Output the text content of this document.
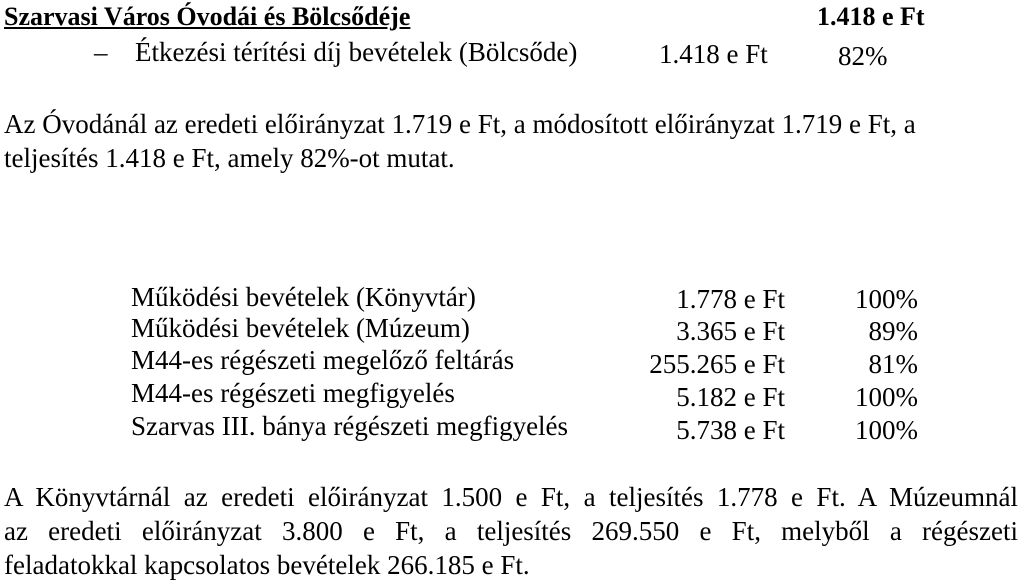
Szarvasi Város Óvodái és Bölcsődéje	1.418 e Ft
– Étkezési térítési díj bevételek (Bölcsőde)	1.418 e Ft	82%
Az Óvodánál az eredeti előirányzat 1.719 e Ft, a módosított előirányzat 1.719 e Ft, a
teljesítés 1.418 e Ft, amely 82%-ot mutat.
Működési bevételek (Könyvtár)	1.778 e Ft	100%
Működési bevételek (Múzeum)	3.365 e Ft	89%
M44-es régészeti megelőző feltárás	255.265 e Ft	81%
M44-es régészeti megfigyelés	5.182 e Ft	100%
Szarvas III. bánya régészeti megfigyelés	5.738 e Ft	100%
A Könyvtárnál az eredeti előirányzat 1.500 e Ft, a teljesítés 1.778 e Ft. A Múzeumnál
az eredeti előirányzat 3.800 e Ft, a teljesítés 269.550 e Ft, melyből a régészeti
feladatokkal kapcsolatos bevételek 266.185 e Ft.
